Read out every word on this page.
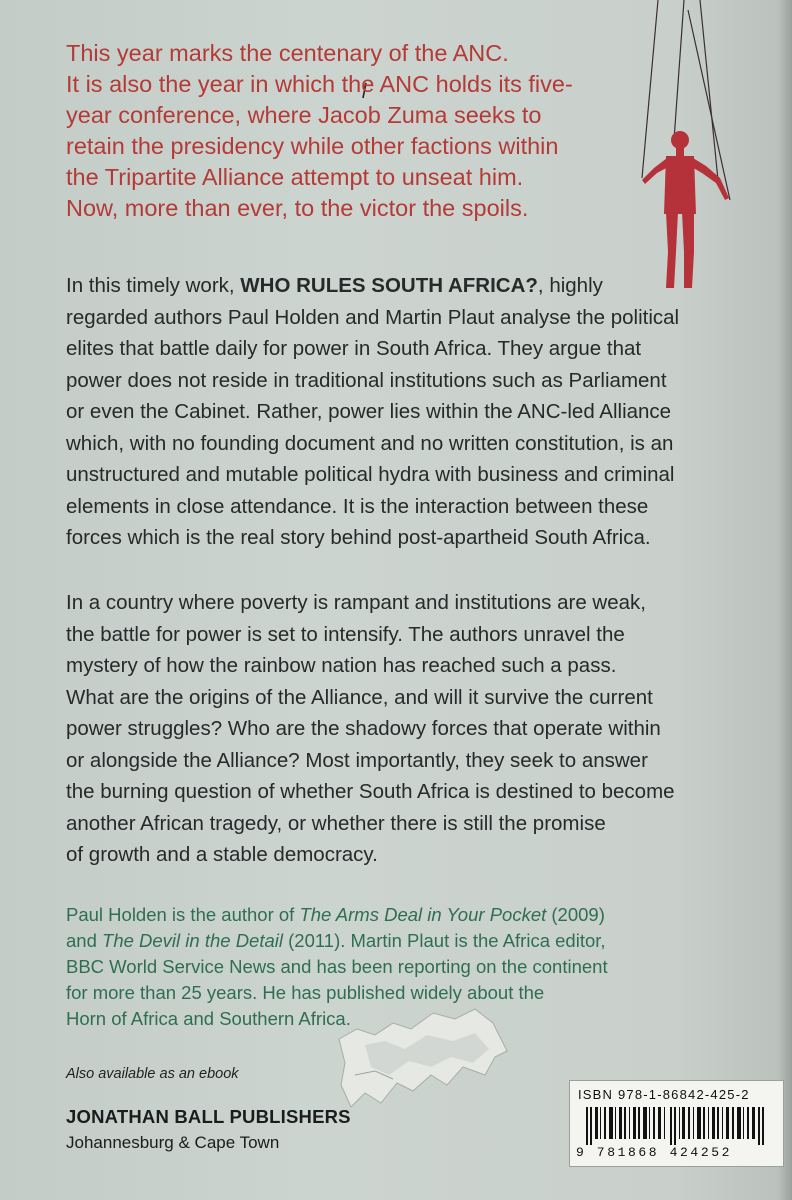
This year marks the centenary of the ANC.
It is also the year in which the ANC holds its five-
year conference, where Jacob Zuma seeks to
retain the presidency while other factions within
the Tripartite Alliance attempt to unseat him.
Now, more than ever, to the victor the spoils.

In this timely work, WHO RULES SOUTH AFRICA?, highly
regarded authors Paul Holden and Martin Plaut analyse the political
elites that battle daily for power in South Africa. They argue that
power does not reside in traditional institutions such as Parliament
or even the Cabinet. Rather, power lies within the ANC-led Alliance
which, with no founding document and no written constitution, is an
unstructured and mutable political hydra with business and criminal
elements in close attendance. It is the interaction between these
forces which is the real story behind post-apartheid South Africa.

In a country where poverty is rampant and institutions are weak,
the battle for power is set to intensify. The authors unravel the
mystery of how the rainbow nation has reached such a pass.
What are the origins of the Alliance, and will it survive the current
power struggles? Who are the shadowy forces that operate within
or alongside the Alliance? Most importantly, they seek to answer
the burning question of whether South Africa is destined to become
another African tragedy, or whether there is still the promise
of growth and a stable democracy.

Paul Holden is the author of The Arms Deal in Your Pocket (2009)
and The Devil in the Detail (2011). Martin Plaut is the Africa editor,
BBC World Service News and has been reporting on the continent
for more than 25 years. He has published widely about the
Horn of Africa and Southern Africa.

Also available as an ebook
JONATHAN BALL PUBLISHERS
Johannesburg & Cape Town
ISBN 978-1-86842-425-2
9 781868 424252
